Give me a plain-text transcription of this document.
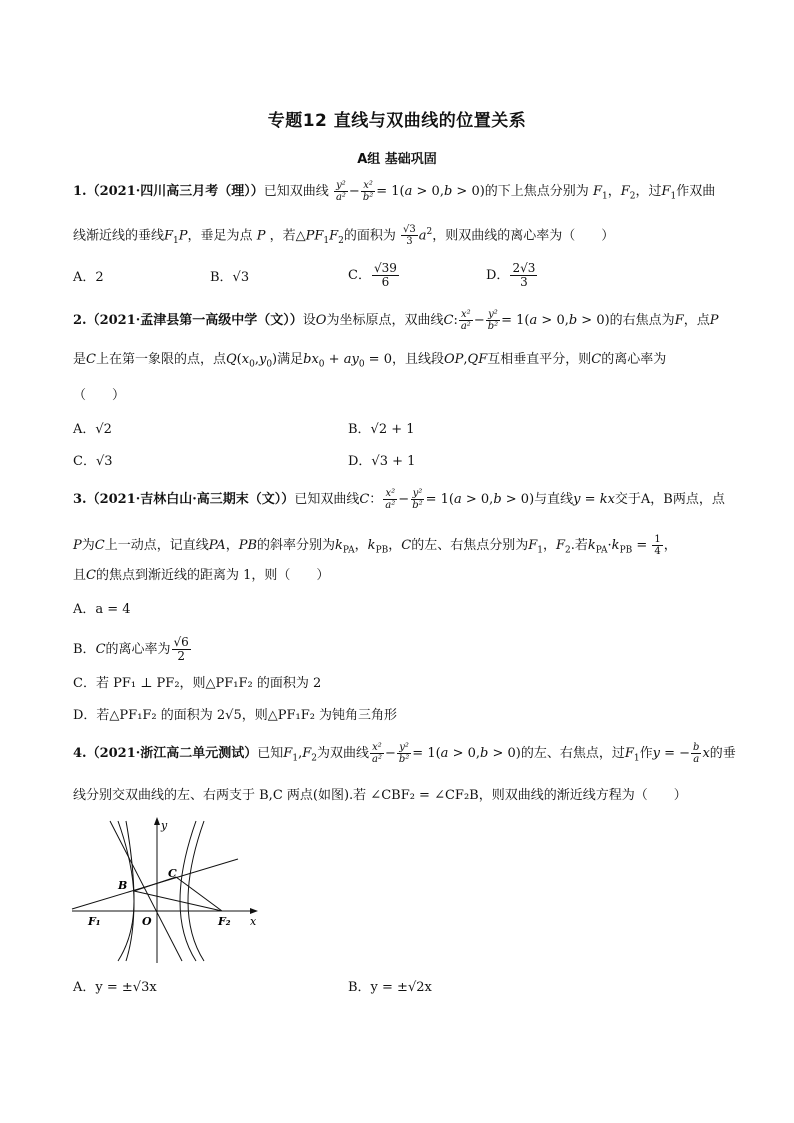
专题12 直线与双曲线的位置关系
A组 基础巩固
1.（2021·四川高三月考（理））已知双曲线 $\frac{\text{y²}}{\text{a²}} - \frac{\text{x²}}{\text{b²}} = 1(a > 0,b > 0)$的下上焦点分别为 $F_1$，$F_2$，过$F_1$作双曲
线渐近线的垂线$F_1P$，垂足为点 P ，若$\triangle PF_1F_2$的面积为 $\frac{√3}{3} a^2$，则双曲线的离心率为（　　）
A．2	B．√3	C． $\frac{√39}{6}$	D． $\frac{2√3}{3}$
2.（2021·孟津县第一高级中学（文））设O为坐标原点，双曲线C: $\frac{\text{x²}}{\text{a²}} - \frac{\text{y²}}{\text{b²}} = 1(a > 0,b > 0)$的右焦点为F，点P
是C上在第一象限的点，点$Q(x_0,y_0)$满足$bx_0 + ay_0 = 0$，且线段OP,QF互相垂直平分，则C的离心率为
（　　）
A．√2	B．√2 + 1
C．√3	D．√3 + 1
3.（2021·吉林白山·高三期末（文））已知双曲线C： $\frac{\text{x²}}{\text{a²}} - \frac{\text{y²}}{\text{b²}} = 1(a > 0,b > 0)$与直线y = kx交于A，B两点，点
P为C上一动点，记直线PA，PB的斜率分别为$k_{PA}$，$k_{PB}$，C的左、右焦点分别为$F_1$，$F_2$.若$k_{PA}\cdot k_{PB} = \frac{1}{4}$ ，
且C的焦点到渐近线的距离为 1，则（　　）
A．a = 4
B．C的离心率为 $\frac{√6}{2}$
C．若 PF₁ ⊥ PF₂，则△PF₁F₂ 的面积为 2
D．若△PF₁F₂ 的面积为 2√5，则△PF₁F₂ 为钝角三角形
4.（2021·浙江高二单元测试）已知$F_1,F_2$为双曲线 $\frac{\text{x²}}{\text{a²}} - \frac{\text{y²}}{\text{b²}} = 1(a > 0,b > 0)$的左、右焦点，过$F_1$作y = − $\frac{b}{a}$ x的垂
线分别交双曲线的左、右两支于 B,C 两点(如图).若 ∠CBF₂ = ∠CF₂B，则双曲线的渐近线方程为（　　）
y
x
O
B
C
F₁	F₂
A．y = ±√3x	B．y = ±√2x
